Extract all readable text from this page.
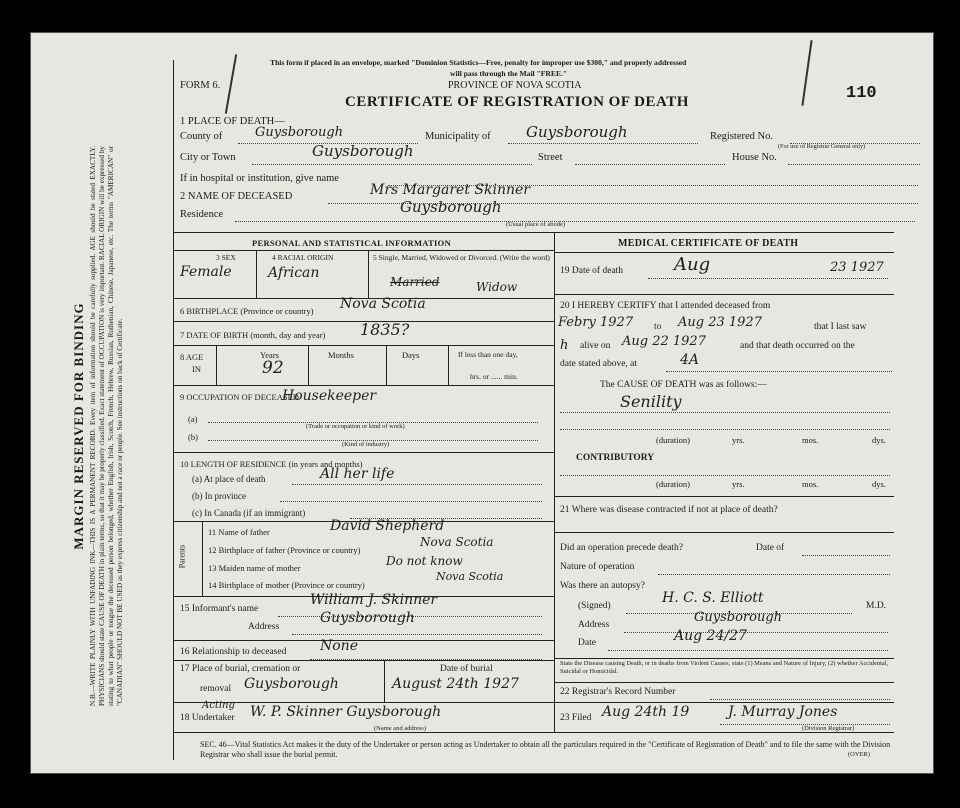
MARGIN RESERVED FOR BINDING N.B.—WRITE PLAINLY WITH UNFADING INK—THIS IS A PERMANENT RECORD. Every item of information should be carefully supplied. AGE should be stated EXACTLY. PHYSICIANS should state CAUSE OF DEATH in plain terms, so that it may be properly classified. Exact statement of OCCUPATION is very important. RACIAL ORIGIN will be expressed by stating to what people or tongue the deceased person belonged, whether English, Irish, Scotch, French, Hebrew, Russian, Ruthenian, Chinese, Japanese, etc. The terms "AMERICAN" or "CANADIAN" SHOULD NOT BE USED as they express citizenship and not a race or people. See instructions on back of Certificate.
This form if placed in an envelope, marked "Dominion Statistics—Free, penalty for improper use $300," and properly addressed
will pass through the Mail "FREE."
PROVINCE OF NOVA SCOTIA
FORM 6.
CERTIFICATE OF REGISTRATION OF DEATH	110
1 PLACE OF DEATH—
County of	Guysborough	Municipality of Guysborough	Registered No.
(For use of Registrar General only)
City or Town	Guysborough	Street	House No.
If in hospital or institution, give name
2 NAME OF DECEASED	Mrs Margaret Skinner
Residence	Guysborough
(Usual place of abode)
PERSONAL AND STATISTICAL INFORMATION
3 SEX
Female
4 RACIAL ORIGIN
African
5 Single, Married, Widowed or Divorced. (Write the word)
Married	Widow
6 BIRTHPLACE (Province or country) Nova Scotia
7 DATE OF BIRTH (month, day and year) 1835?
8 AGE
IN
Years
92
Months	Days	If less than one day,
hrs. or ...... min.
9 OCCUPATION OF DECEASED
Housekeeper
(a)
(Trade or occupation or kind of work)
(b)
(Kind of industry)
10 LENGTH OF RESIDENCE (in years and months)
(a) At place of death	All her life
(b) In province
(c) In Canada (if an immigrant)
Parents
11 Name of father	David Shepherd
12 Birthplace of father (Province or country)
Nova Scotia
13 Maiden name of mother	Do not know
14 Birthplace of mother (Province or country)
Nova Scotia
15 Informant's name
William J. Skinner
Address
Guysborough
16 Relationship to deceased None
17 Place of burial, cremation or	Date of burial
removal Guysborough	August 24th 1927
Acting
18 Undertaker W. P. Skinner Guysborough
(Name and address)
MEDICAL CERTIFICATE OF DEATH
19 Date of death	Aug	23 1927
20 I HEREBY CERTIFY that I attended deceased from
Febry 1927 to Aug 23 1927	that I last saw
h alive on Aug 22 1927	and that death occurred on the
date stated above, at	4A
The CAUSE OF DEATH was as follows:—
Senility
(duration)	yrs.	mos.	dys.
CONTRIBUTORY
(duration)	yrs.	mos.	dys.
21 Where was disease contracted if not at place of death?
Did an operation precede death?	Date of
Nature of operation
Was there an autopsy?
(Signed)	H. C. S. Elliott	M.D.
Address	Guysborough
Date	Aug 24/27
State the Disease causing Death, or in deaths from Violent Causes, state (1) Means and Nature of Injury, (2) whether Accidental, Suicidal or Homicidal.
22 Registrar's Record Number
23 Filed Aug 24th 19	J. Murray Jones
(Division Registrar)
SEC. 46—Vital Statistics Act makes it the duty of the Undertaker or person acting as Undertaker to obtain all the particulars required in the "Certificate of Registration of Death" and to file the same with the Division Registrar who shall issue the burial permit.	(OVER)
